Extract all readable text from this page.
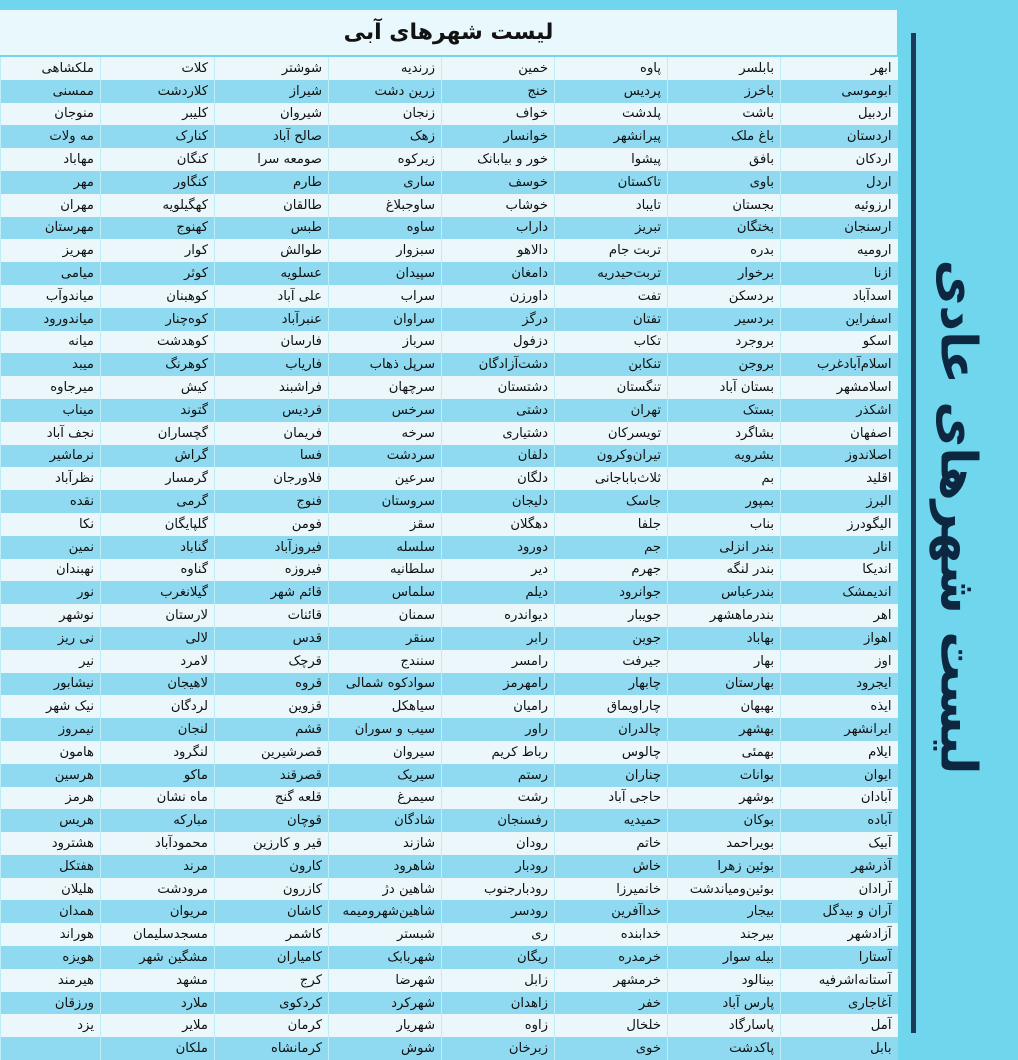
لیست شهرهای آبی
ابهر	بابلسر	پاوه	خمین	زرندیه	شوشتر	کلات	ملکشاهی
ابوموسی	باخرز	پردیس	خنج	زرین دشت	شیراز	کلاردشت	ممسنی
اردبیل	باشت	پلدشت	خواف	زنجان	شیروان	کلیبر	منوجان
اردستان	باغ ملک	پیرانشهر	خوانسار	زهک	صالح آباد	کنارک	مه ولات
اردکان	بافق	پیشوا	خور و بیابانک	زیرکوه	صومعه سرا	کنگان	مهاباد
اردل	باوی	تاکستان	خوسف	ساری	طارم	کنگاور	مهر
ارزوئیه	بجستان	تایباد	خوشاب	ساوجبلاغ	طالقان	کهگیلویه	مهران
ارسنجان	بختگان	تبریز	داراب	ساوه	طبس	کهنوج	مهرستان
ارومیه	بدره	تربت جام	دالاهو	سبزوار	طوالش	کوار	مهریز
ازنا	برخوار	تربت‌حیدریه	دامغان	سپیدان	عسلویه	کوثر	میامی
اسدآباد	بردسکن	تفت	داورزن	سراب	علی آباد	کوهبنان	میاندوآب
اسفراین	بردسیر	تفتان	درگز	سراوان	عنبرآباد	کوه‌چنار	میاندورود
اسکو	بروجرد	تکاب	دزفول	سرباز	فارسان	کوهدشت	میانه
اسلام‌آبادغرب	بروجن	تنکابن	دشت‌آزادگان	سرپل ذهاب	فاریاب	کوهرنگ	میبد
اسلامشهر	بستان آباد	تنگستان	دشتستان	سرچهان	فراشبند	کیش	میرجاوه
اشکذر	بستک	تهران	دشتی	سرخس	فردیس	گتوند	میناب
اصفهان	بشاگرد	تویسرکان	دشتیاری	سرخه	فریمان	گچساران	نجف آباد
اصلاندوز	بشرویه	تیران‌وکرون	دلفان	سردشت	فسا	گراش	نرماشیر
اقلید	بم	ثلاث‌باباجانی	دلگان	سرعین	فلاورجان	گرمسار	نظرآباد
البرز	بمپور	جاسک	دلیجان	سروستان	فنوج	گرمی	نقده
الیگودرز	بناب	جلفا	دهگلان	سقز	فومن	گلپایگان	نکا
انار	بندر انزلی	جم	دورود	سلسله	فیروزآباد	گناباد	نمین
اندیکا	بندر لنگه	جهرم	دیر	سلطانیه	فیروزه	گناوه	نهبندان
اندیمشک	بندرعباس	جوانرود	دیلم	سلماس	قائم شهر	گیلانغرب	نور
اهر	بندرماهشهر	جویبار	دیواندره	سمنان	قائنات	لارستان	نوشهر
اهواز	بهاباد	جوین	رابر	سنقر	قدس	لالی	نی ریز
اوز	بهار	جیرفت	رامسر	سنندج	قرچک	لامرد	نیر
ایجرود	بهارستان	چابهار	رامهرمز	سوادکوه شمالی	قروه	لاهیجان	نیشابور
ایذه	بهبهان	چاراویماق	رامیان	سیاهکل	قزوین	لردگان	نیک شهر
ایرانشهر	بهشهر	چالدران	راور	سیب و سوران	قشم	لنجان	نیمروز
ایلام	بهمئی	چالوس	رباط کریم	سیروان	قصرشیرین	لنگرود	هامون
ایوان	بوانات	چناران	رستم	سیریک	قصرقند	ماکو	هرسین
آبادان	بوشهر	حاجی آباد	رشت	سیمرغ	قلعه گنج	ماه نشان	هرمز
آباده	بوکان	حمیدیه	رفسنجان	شادگان	قوچان	مبارکه	هریس
آبیک	بویراحمد	خاتم	رودان	شازند	قیر و کارزین	محمودآباد	هشترود
آذرشهر	بوئین زهرا	خاش	رودبار	شاهرود	کارون	مرند	هفتکل
آرادان	بوئین‌ومیاندشت	خانمیرزا	رودبارجنوب	شاهین دژ	کازرون	مرودشت	هلیلان
آران و بیدگل	بیجار	خداآفرین	رودسر	شاهین‌شهرومیمه	کاشان	مریوان	همدان
آزادشهر	بیرجند	خدابنده	ری	شبستر	کاشمر	مسجدسلیمان	هوراند
آستارا	بیله سوار	خرمدره	ریگان	شهربابک	کامیاران	مشگین شهر	هویزه
آستانه‌اشرفیه	بینالود	خرمشهر	زابل	شهرضا	کرج	مشهد	هیرمند
آغاجاری	پارس آباد	خفر	زاهدان	شهرکرد	کردکوی	ملارد	ورزقان
آمل	پاسارگاد	خلخال	زاوه	شهریار	کرمان	ملایر	یزد
بابل	پاکدشت	خوی	زبرخان	شوش	کرمانشاه	ملکان	
لیست شهرهای عادی
